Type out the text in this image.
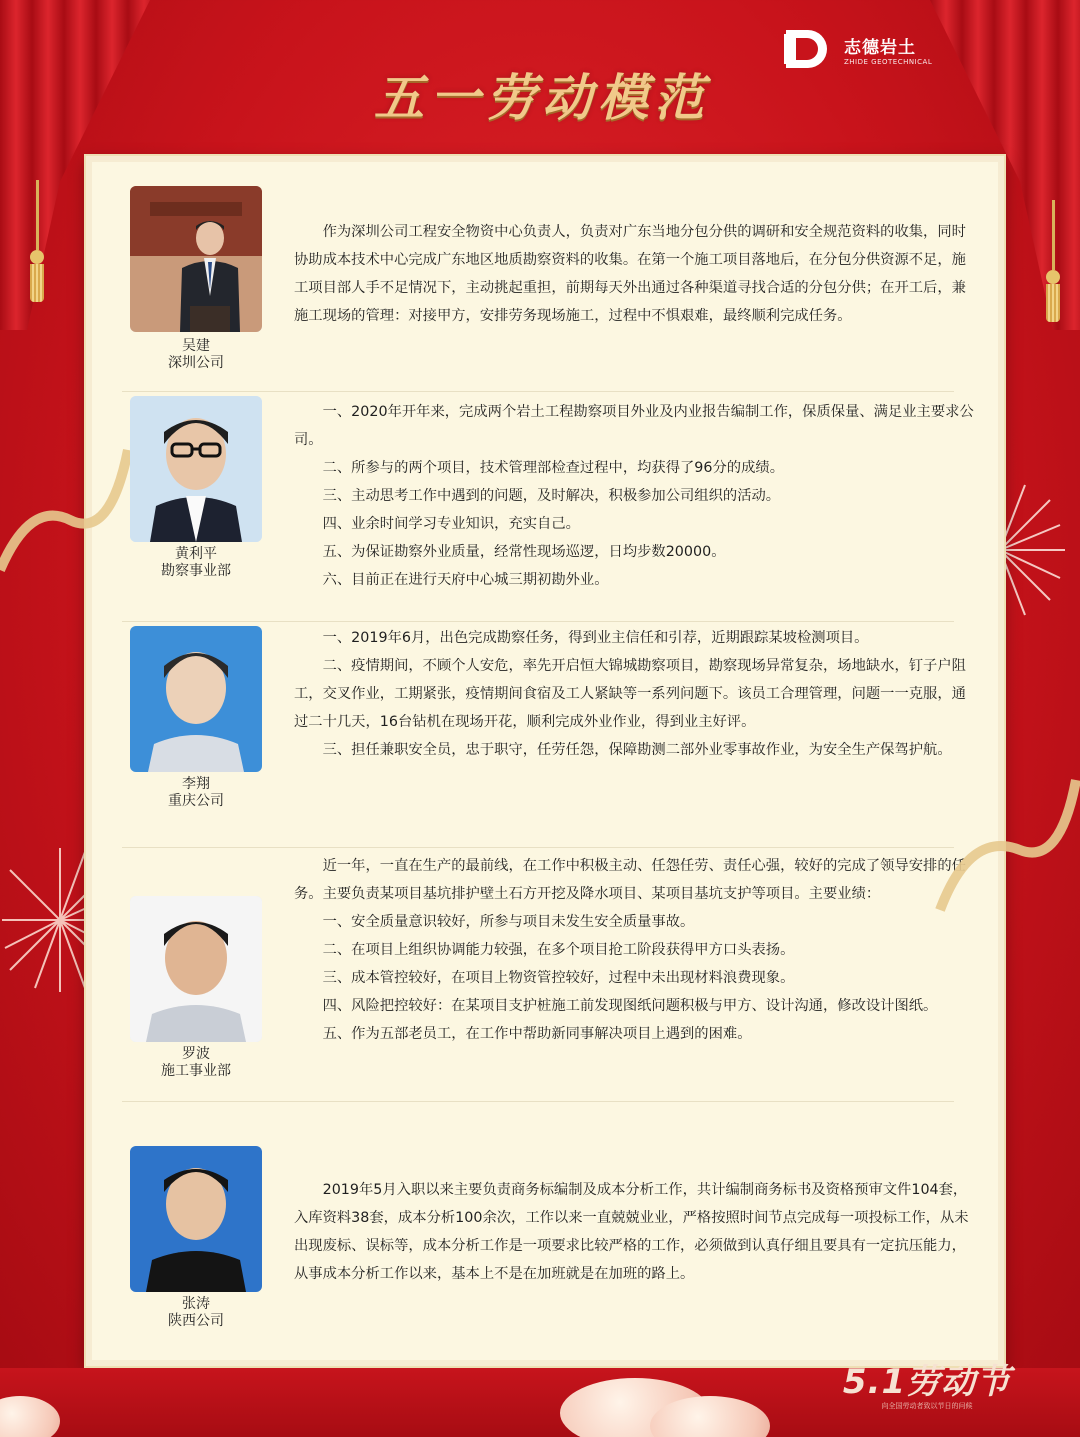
志德岩土
ZHIDE GEOTECHNICAL
五一劳动模范
吴建
深圳公司

作为深圳公司工程安全物资中心负责人，负责对广东当地分包分供的调研和安全规范资料的收集，同时协助成本技术中心完成广东地区地质勘察资料的收集。在第一个施工项目落地后，在分包分供资源不足，施工项目部人手不足情况下，主动挑起重担，前期每天外出通过各种渠道寻找合适的分包分供；在开工后，兼施工现场的管理：对接甲方，安排劳务现场施工，过程中不惧艰难，最终顺利完成任务。

黄利平
勘察事业部

一、2020年开年来，完成两个岩土工程勘察项目外业及内业报告编制工作，保质保量、满足业主要求公司。

二、所参与的两个项目，技术管理部检查过程中，均获得了96分的成绩。

三、主动思考工作中遇到的问题，及时解决，积极参加公司组织的活动。

四、业余时间学习专业知识，充实自己。

五、为保证勘察外业质量，经常性现场巡逻，日均步数20000。

六、目前正在进行天府中心城三期初勘外业。

李翔
重庆公司

一、2019年6月，出色完成勘察任务，得到业主信任和引荐，近期跟踪某坡检测项目。

二、疫情期间，不顾个人安危，率先开启恒大锦城勘察项目，勘察现场异常复杂，场地缺水，钉子户阻工，交叉作业，工期紧张，疫情期间食宿及工人紧缺等一系列问题下。该员工合理管理，问题一一克服，通过二十几天，16台钻机在现场开花，顺利完成外业作业，得到业主好评。

三、担任兼职安全员，忠于职守，任劳任怨，保障勘测二部外业零事故作业，为安全生产保驾护航。

罗波
施工事业部

近一年，一直在生产的最前线，在工作中积极主动、任怨任劳、责任心强，较好的完成了领导安排的任务。主要负责某项目基坑排护壁土石方开挖及降水项目、某项目基坑支护等项目。主要业绩：

一、安全质量意识较好，所参与项目未发生安全质量事故。

二、在项目上组织协调能力较强，在多个项目抢工阶段获得甲方口头表扬。

三、成本管控较好，在项目上物资管控较好，过程中未出现材料浪费现象。

四、风险把控较好：在某项目支护桩施工前发现图纸问题积极与甲方、设计沟通，修改设计图纸。

五、作为五部老员工，在工作中帮助新同事解决项目上遇到的困难。

张涛
陕西公司

2019年5月入职以来主要负责商务标编制及成本分析工作，共计编制商务标书及资格预审文件104套，入库资料38套，成本分析100余次，工作以来一直兢兢业业，严格按照时间节点完成每一项投标工作，从未出现废标、误标等，成本分析工作是一项要求比较严格的工作，必须做到认真仔细且要具有一定抗压能力，从事成本分析工作以来，基本上不是在加班就是在加班的路上。

5.1劳动节
向全国劳动者致以节日的问候
